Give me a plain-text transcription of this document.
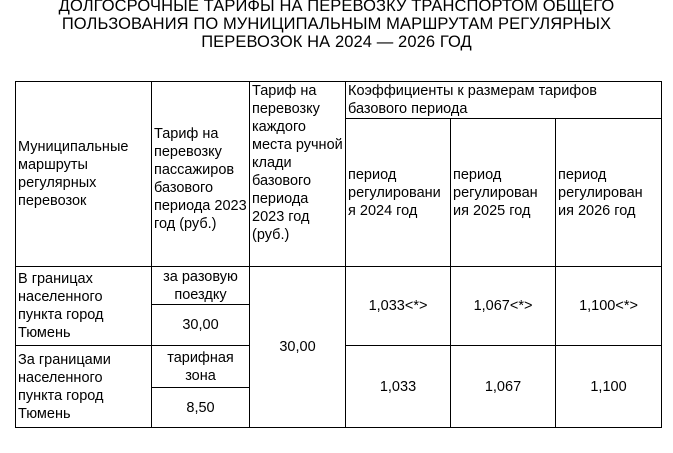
ДОЛГОСРОЧНЫЕ ТАРИФЫ НА ПЕРЕВОЗКУ ТРАНСПОРТОМ ОБЩЕГО
ПОЛЬЗОВАНИЯ ПО МУНИЦИПАЛЬНЫМ МАРШРУТАМ РЕГУЛЯРНЫХ
ПЕРЕВОЗОК НА 2024 — 2026 ГОД
Муниципальные маршруты регулярных перевозок	Тариф на перевозку пассажиров базового периода 2023 год (руб.)	Тариф на перевозку каждого места ручной клади базового периода 2023 год (руб.)	Коэффициенты к размерам тарифов базового периода		
			период регулировани я 2024 год	период регулирован ия 2025 год	период регулирован ия 2026 год
В границах населенного пункта город Тюмень	за разовую поездку	30,00	1,033<*>	1,067<*>	1,100<*>
	30,00				
За границами населенного пункта город Тюмень	тарифная зона		1,033	1,067	1,100
	8,50				
